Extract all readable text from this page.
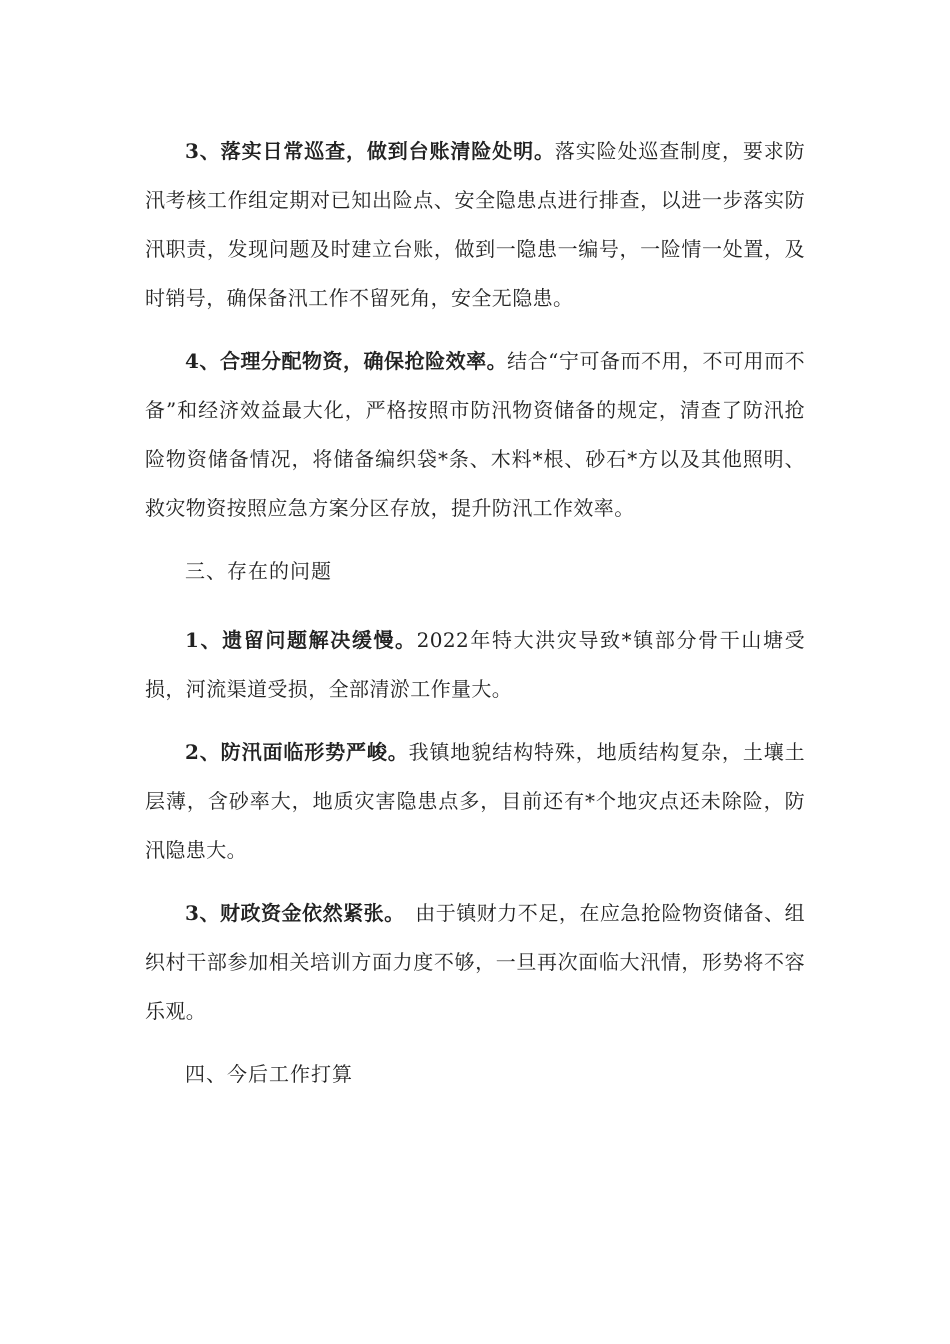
3、落实日常巡查，做到台账清险处明。落实险处巡查制度，要求防汛考核工作组定期对已知出险点、安全隐患点进行排查，以进一步落实防汛职责，发现问题及时建立台账，做到一隐患一编号，一险情一处置，及时销号，确保备汛工作不留死角，安全无隐患。

4、合理分配物资，确保抢险效率。结合“宁可备而不用，不可用而不备”和经济效益最大化，严格按照市防汛物资储备的规定，清查了防汛抢险物资储备情况，将储备编织袋*条、木料*根、砂石*方以及其他照明、救灾物资按照应急方案分区存放，提升防汛工作效率。

三、存在的问题

1、遗留问题解决缓慢。2022年特大洪灾导致*镇部分骨干山塘受损，河流渠道受损，全部清淤工作量大。

2、防汛面临形势严峻。我镇地貌结构特殊，地质结构复杂，土壤土层薄，含砂率大，地质灾害隐患点多，目前还有*个地灾点还未除险，防汛隐患大。

3、财政资金依然紧张。　由于镇财力不足，在应急抢险物资储备、组织村干部参加相关培训方面力度不够，一旦再次面临大汛情，形势将不容乐观。

四、今后工作打算
